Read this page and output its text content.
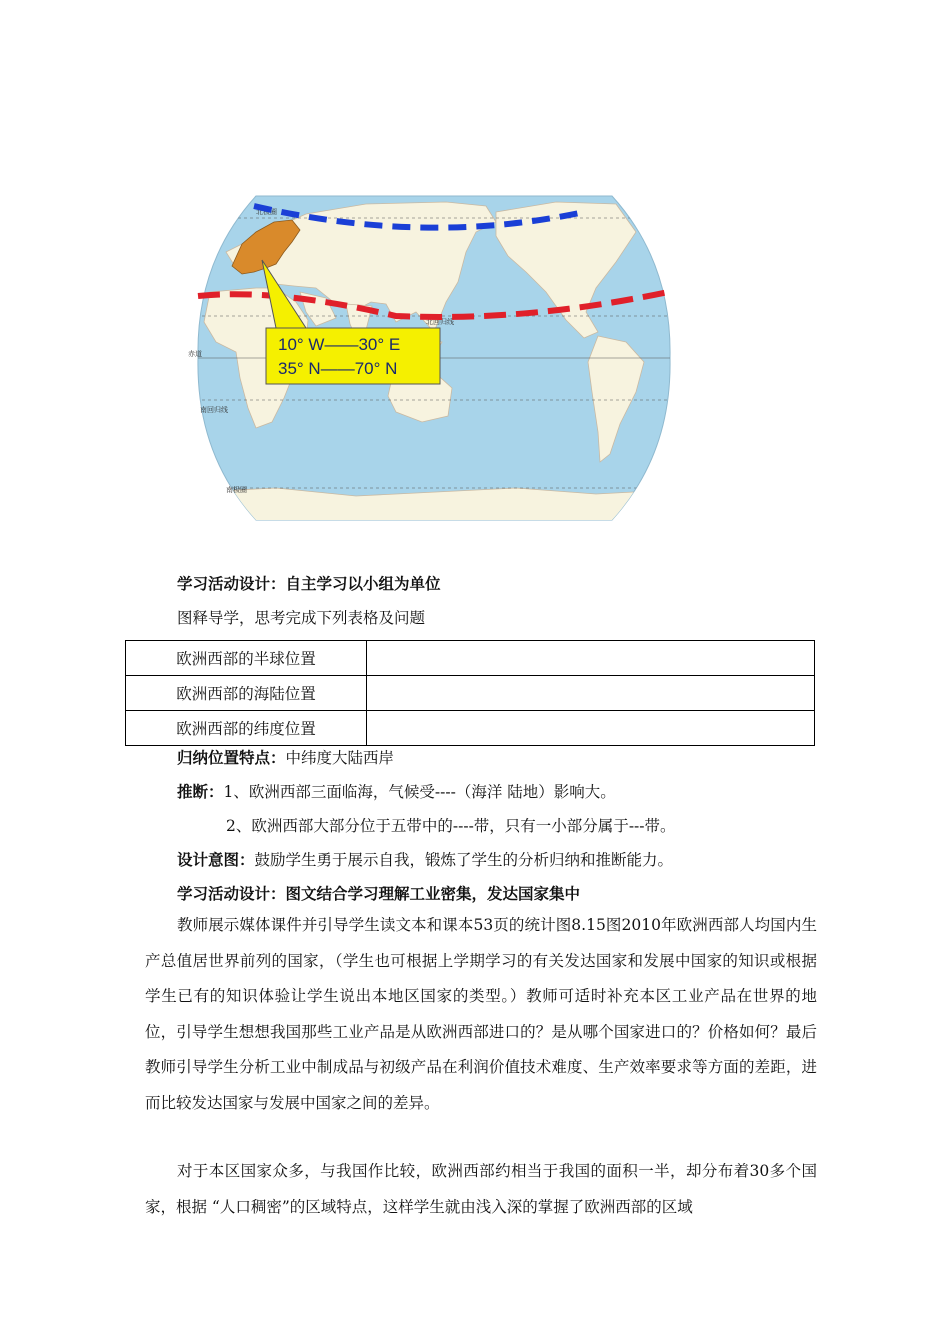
北极圈
北回归线
赤道
南回归线
南极圈
10° W——30° E
35° N——70° N
学习活动设计：自主学习以小组为单位
图释导学，思考完成下列表格及问题
欧洲西部的半球位置	
欧洲西部的海陆位置	
欧洲西部的纬度位置	
归纳位置特点：中纬度大陆西岸
推断：1、欧洲西部三面临海，气候受----（海洋 陆地）影响大。
2、欧洲西部大部分位于五带中的----带，只有一小部分属于---带。
设计意图：鼓励学生勇于展示自我，锻炼了学生的分析归纳和推断能力。
学习活动设计：图文结合学习理解工业密集，发达国家集中

教师展示媒体课件并引导学生读文本和课本53页的统计图8.15图2010年欧洲西部人均国内生产总值居世界前列的国家，（学生也可根据上学期学习的有关发达国家和发展中国家的知识或根据学生已有的知识体验让学生说出本地区国家的类型。）教师可适时补充本区工业产品在世界的地位，引导学生想想我国那些工业产品是从欧洲西部进口的？是从哪个国家进口的？价格如何？最后教师引导学生分析工业中制成品与初级产品在利润价值技术难度、生产效率要求等方面的差距，进而比较发达国家与发展中国家之间的差异。

对于本区国家众多，与我国作比较，欧洲西部约相当于我国的面积一半，却分布着30多个国家，根据 “人口稠密”的区域特点，这样学生就由浅入深的掌握了欧洲西部的区域
